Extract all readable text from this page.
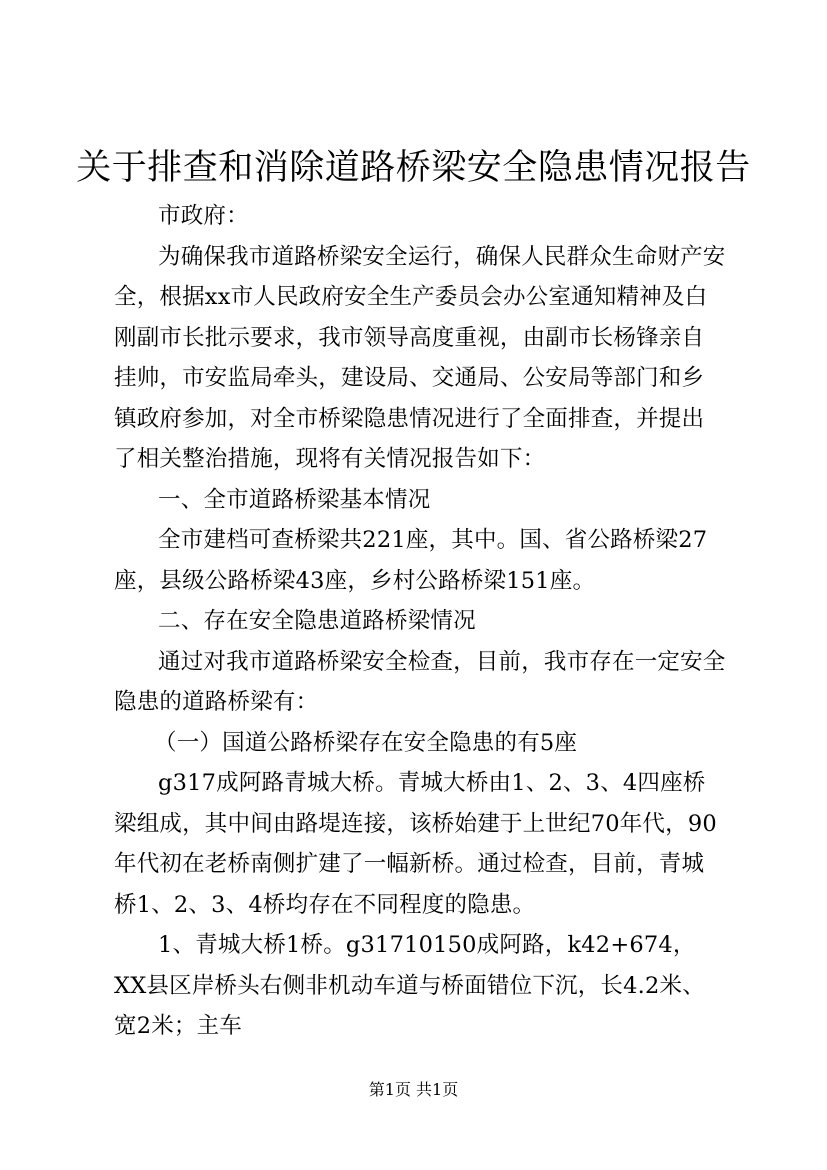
关于排查和消除道路桥梁安全隐患情况报告

市政府：

为确保我市道路桥梁安全运行，确保人民群众生命财产安全，根据xx市人民政府安全生产委员会办公室通知精神及白刚副市长批示要求，我市领导高度重视，由副市长杨锋亲自挂帅，市安监局牵头，建设局、交通局、公安局等部门和乡镇政府参加，对全市桥梁隐患情况进行了全面排查，并提出了相关整治措施，现将有关情况报告如下：

一、全市道路桥梁基本情况

全市建档可查桥梁共221座，其中。国、省公路桥梁27座，县级公路桥梁43座，乡村公路桥梁151座。

二、存在安全隐患道路桥梁情况

通过对我市道路桥梁安全检查，目前，我市存在一定安全隐患的道路桥梁有：

（一）国道公路桥梁存在安全隐患的有5座

g317成阿路青城大桥。青城大桥由1、2、3、4四座桥梁组成，其中间由路堤连接，该桥始建于上世纪70年代，90年代初在老桥南侧扩建了一幅新桥。通过检查，目前，青城桥1、2、3、4桥均存在不同程度的隐患。

1、青城大桥1桥。g31710150成阿路，k42+674，XX县区岸桥头右侧非机动车道与桥面错位下沉，长4.2米、宽2米；主车

第1页 共1页
